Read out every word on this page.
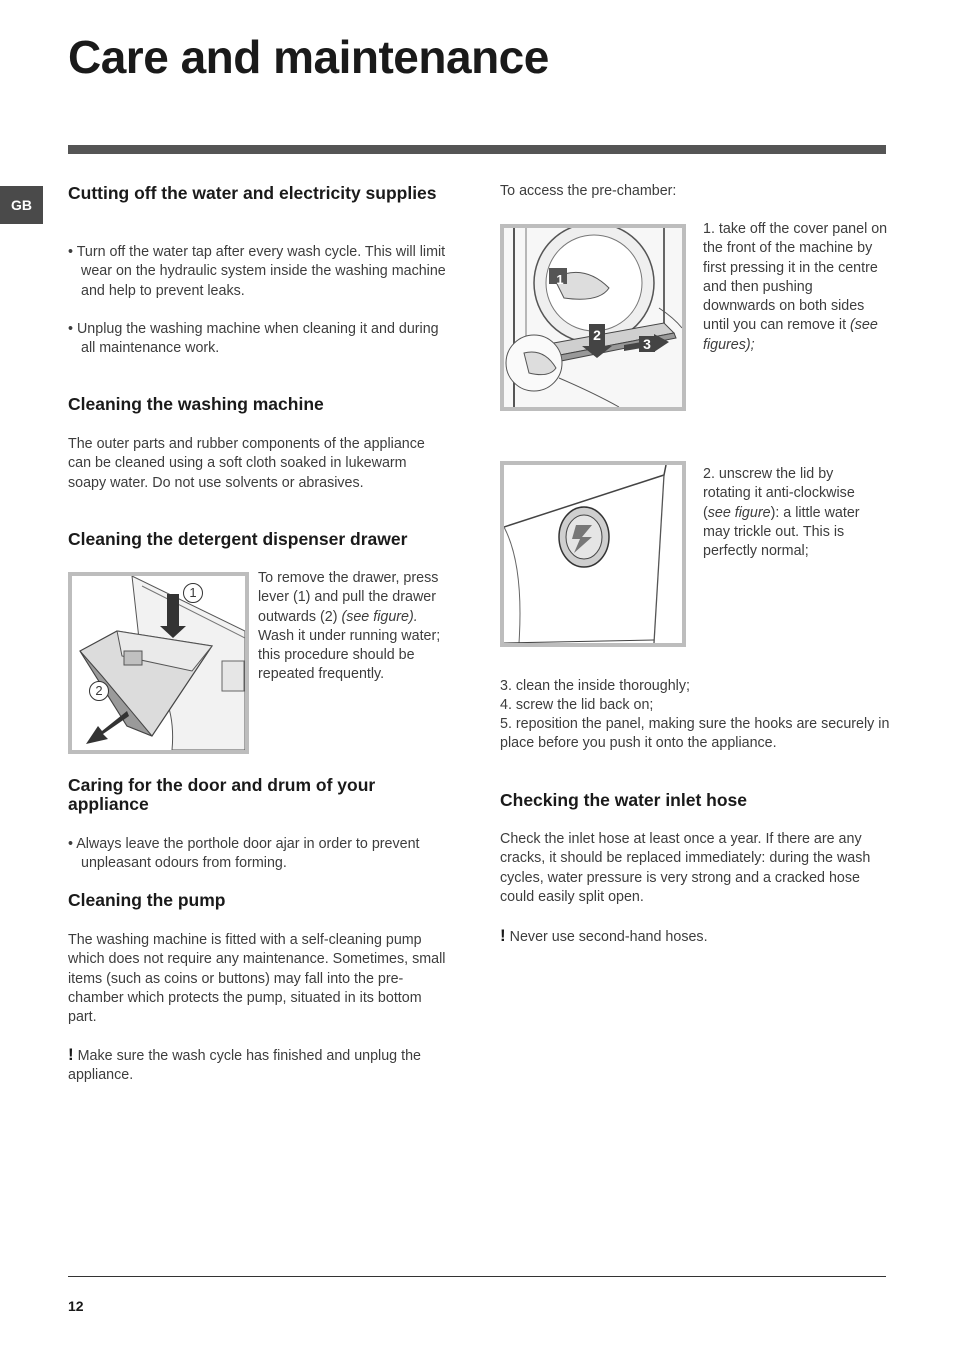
Care and maintenance
GB
Cutting off the water and electricity supplies

• Turn off the water tap after every wash cycle. This will limit wear on the hydraulic system inside the washing machine and help to prevent leaks.

• Unplug the washing machine when cleaning it and during all maintenance work.

Cleaning the washing machine

The outer parts and rubber components of the appliance can be cleaned using a soft cloth soaked in lukewarm soapy water. Do not use solvents or abrasives.

Cleaning the detergent dispenser drawer
1
2

To remove the drawer, press lever (1) and pull the drawer outwards (2) (see figure). Wash it under running water; this procedure should be repeated frequently.

Caring for the door and drum of your appliance

• Always leave the porthole door ajar in order to prevent unpleasant odours from forming.

Cleaning the pump

The washing machine is fitted with a self-cleaning pump which does not require any maintenance. Sometimes, small items (such as coins or buttons) may fall into the pre-chamber which protects the pump, situated in its bottom part.

! Make sure the wash cycle has finished and unplug the appliance.

To access the pre-chamber:

1
2
3

1. take off the cover panel on the front of the machine by first pressing it in the centre and then pushing downwards on both sides until you can remove it (see figures);

2. unscrew the lid by rotating it anti-clockwise (see figure): a little water may trickle out. This is perfectly normal;

3. clean the inside thoroughly;

4. screw the lid back on;

5. reposition the panel, making sure the hooks are securely in place before you push it onto the appliance.

Checking the water inlet hose

Check the inlet hose at least once a year. If there are any cracks, it should be replaced immediately: during the wash cycles, water pressure is very strong and a cracked hose could easily split open.

! Never use second-hand hoses.

12
